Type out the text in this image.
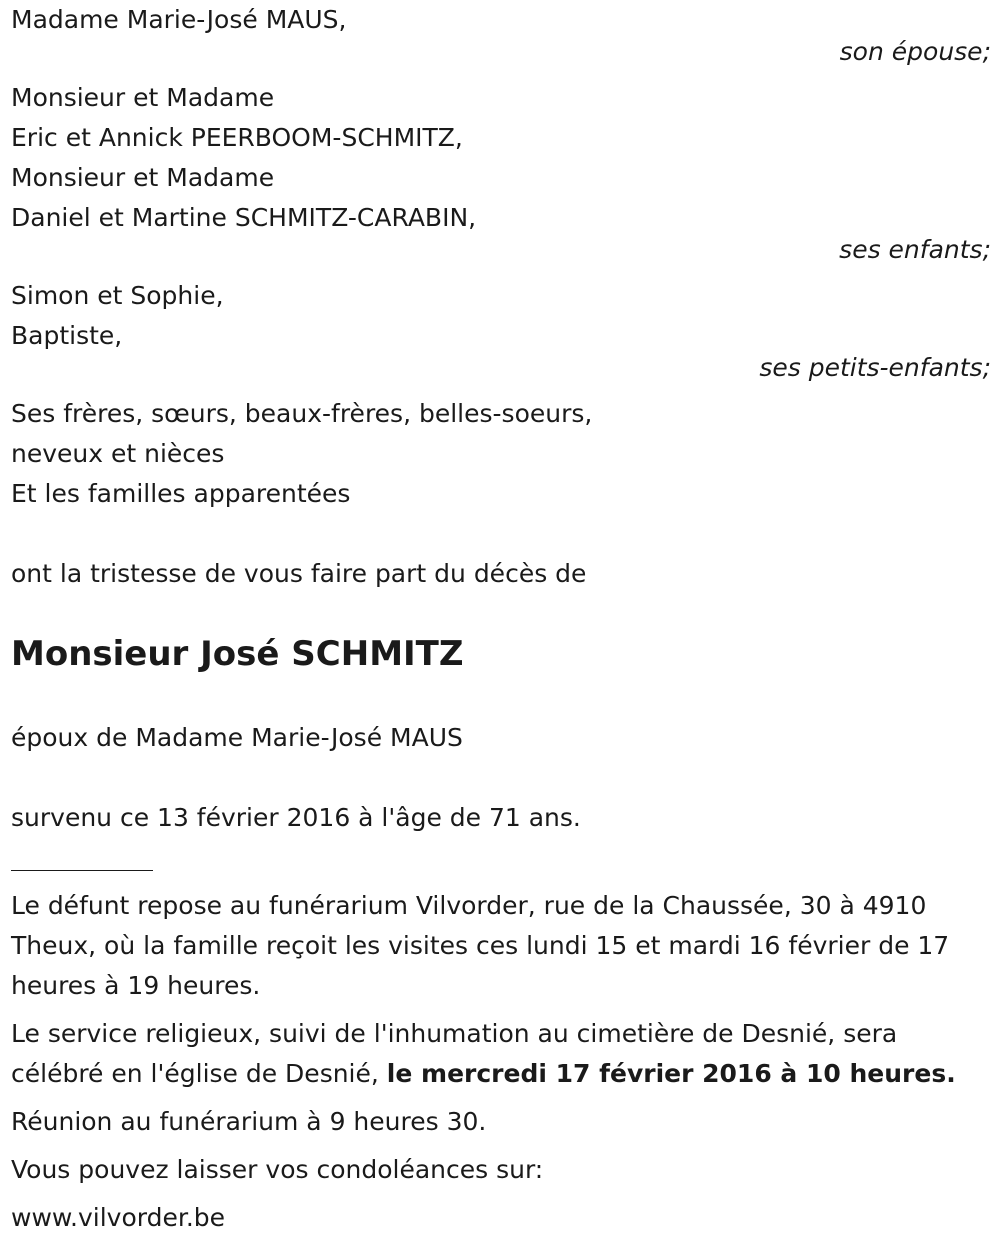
Madame Marie-José MAUS,
son épouse;
Monsieur et Madame
Eric et Annick PEERBOOM-SCHMITZ,
Monsieur et Madame
Daniel et Martine SCHMITZ-CARABIN,
ses enfants;
Simon et Sophie,
Baptiste,
ses petits-enfants;
Ses frères, sœurs, beaux-frères, belles-soeurs,
neveux et nièces
Et les familles apparentées
ont la tristesse de vous faire part du décès de
Monsieur José SCHMITZ
époux de Madame Marie-José MAUS
survenu ce 13 février 2016 à l'âge de 71 ans.
Le défunt repose au funérarium Vilvorder, rue de la Chaussée, 30 à 4910 Theux, où la famille reçoit les visites ces lundi 15 et mardi 16 février de 17 heures à 19 heures.
Le service religieux, suivi de l'inhumation au cimetière de Desnié, sera célébré en l'église de Desnié, le mercredi 17 février 2016 à 10 heures.
Réunion au funérarium à 9 heures 30.
Vous pouvez laisser vos condoléances sur:
www.vilvorder.be
